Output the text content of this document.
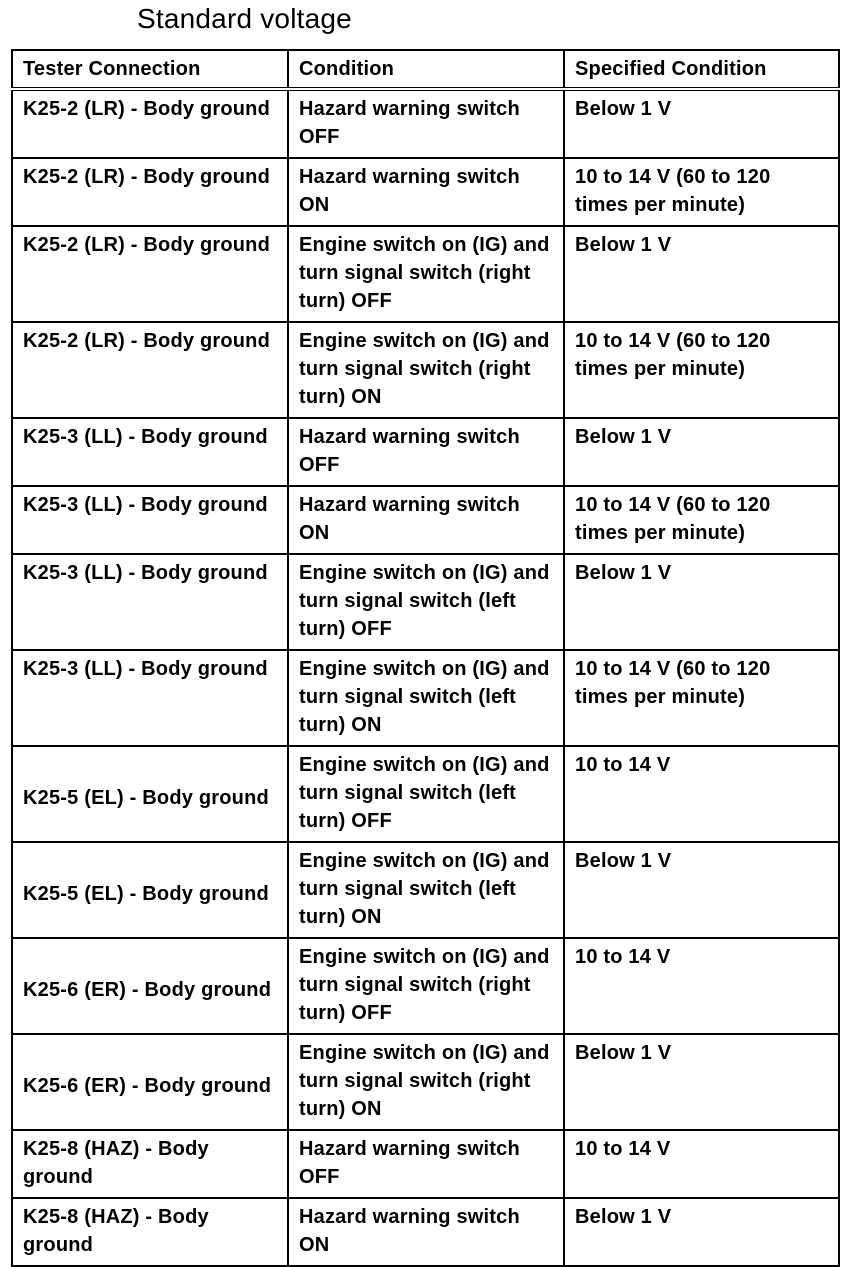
Standard voltage
Tester Connection	Condition	Specified Condition
K25-2 (LR) - Body ground	Hazard warning switch OFF	Below 1 V
K25-2 (LR) - Body ground	Hazard warning switch ON	10 to 14 V (60 to 120 times per minute)
K25-2 (LR) - Body ground	Engine switch on (IG) and turn signal switch (right turn) OFF	Below 1 V
K25-2 (LR) - Body ground	Engine switch on (IG) and turn signal switch (right turn) ON	10 to 14 V (60 to 120 times per minute)
K25-3 (LL) - Body ground	Hazard warning switch OFF	Below 1 V
K25-3 (LL) - Body ground	Hazard warning switch ON	10 to 14 V (60 to 120 times per minute)
K25-3 (LL) - Body ground	Engine switch on (IG) and turn signal switch (left turn) OFF	Below 1 V
K25-3 (LL) - Body ground	Engine switch on (IG) and turn signal switch (left turn) ON	10 to 14 V (60 to 120 times per minute)
K25-5 (EL) - Body ground	Engine switch on (IG) and turn signal switch (left turn) OFF	10 to 14 V
K25-5 (EL) - Body ground	Engine switch on (IG) and turn signal switch (left turn) ON	Below 1 V
K25-6 (ER) - Body ground	Engine switch on (IG) and turn signal switch (right turn) OFF	10 to 14 V
K25-6 (ER) - Body ground	Engine switch on (IG) and turn signal switch (right turn) ON	Below 1 V
K25-8 (HAZ) - Body ground	Hazard warning switch OFF	10 to 14 V
K25-8 (HAZ) - Body ground	Hazard warning switch ON	Below 1 V
